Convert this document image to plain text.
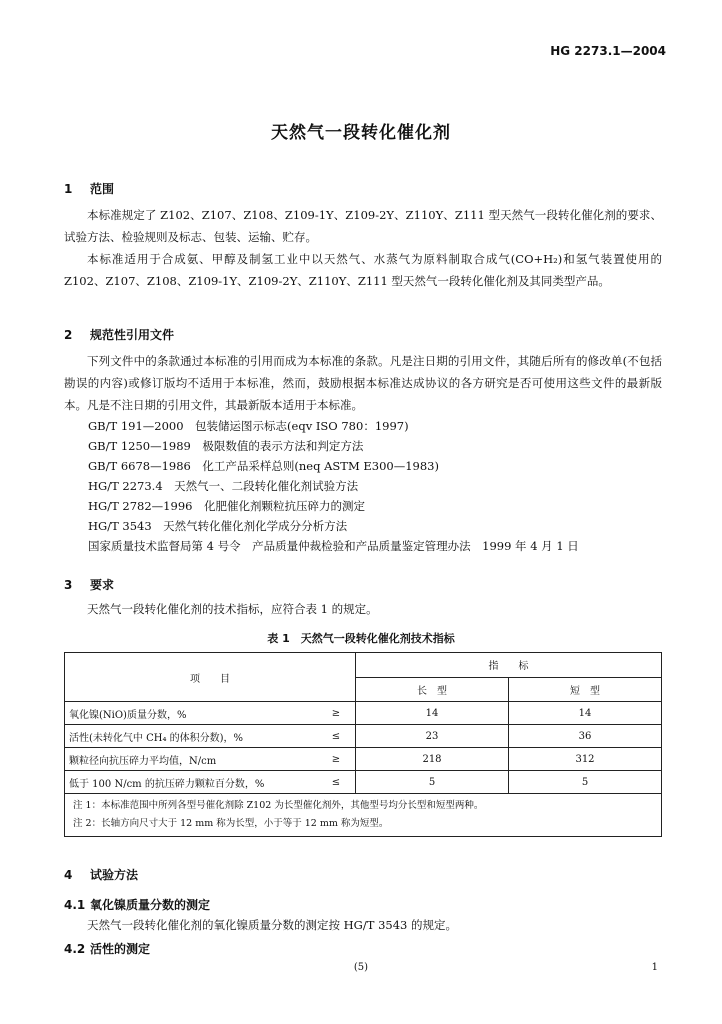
HG 2273.1—2004
天然气一段转化催化剂
1 范围
本标准规定了 Z102、Z107、Z108、Z109-1Y、Z109-2Y、Z110Y、Z111 型天然气一段转化催化剂的要求、试验方法、检验规则及标志、包装、运输、贮存。
本标准适用于合成氨、甲醇及制氢工业中以天然气、水蒸气为原料制取合成气(CO+H₂)和氢气装置使用的 Z102、Z107、Z108、Z109-1Y、Z109-2Y、Z110Y、Z111 型天然气一段转化催化剂及其同类型产品。
2 规范性引用文件
下列文件中的条款通过本标准的引用而成为本标准的条款。凡是注日期的引用文件，其随后所有的修改单(不包括勘误的内容)或修订版均不适用于本标准，然而，鼓励根据本标准达成协议的各方研究是否可使用这些文件的最新版本。凡是不注日期的引用文件，其最新版本适用于本标准。
GB/T 191—2000　包装储运图示标志(eqv ISO 780：1997)
GB/T 1250—1989　极限数值的表示方法和判定方法
GB/T 6678—1986　化工产品采样总则(neq ASTM E300—1983)
HG/T 2273.4　天然气一、二段转化催化剂试验方法
HG/T 2782—1996　化肥催化剂颗粒抗压碎力的测定
HG/T 3543　天然气转化催化剂化学成分分析方法
国家质量技术监督局第 4 号令　产品质量仲裁检验和产品质量鉴定管理办法　1999 年 4 月 1 日
3 要求
天然气一段转化催化剂的技术指标，应符合表 1 的规定。
表 1　天然气一段转化催化剂技术指标
项　　目		指　　标	
		长　型	短　型
氧化镍(NiO)质量分数，%	≥	14	14
活性(未转化气中 CH₄ 的体积分数)，%	≤	23	36
颗粒径向抗压碎力平均值，N/cm	≥	218	312
低于 100 N/cm 的抗压碎力颗粒百分数，%	≤	5	5

注 1：本标准范围中所列各型号催化剂除 Z102 为长型催化剂外，其他型号均分长型和短型两种。
注 2：长轴方向尺寸大于 12 mm 称为长型，小于等于 12 mm 称为短型。			
4 试验方法
4.1 氧化镍质量分数的测定
天然气一段转化催化剂的氧化镍质量分数的测定按 HG/T 3543 的规定。
4.2 活性的测定
(5)	1
